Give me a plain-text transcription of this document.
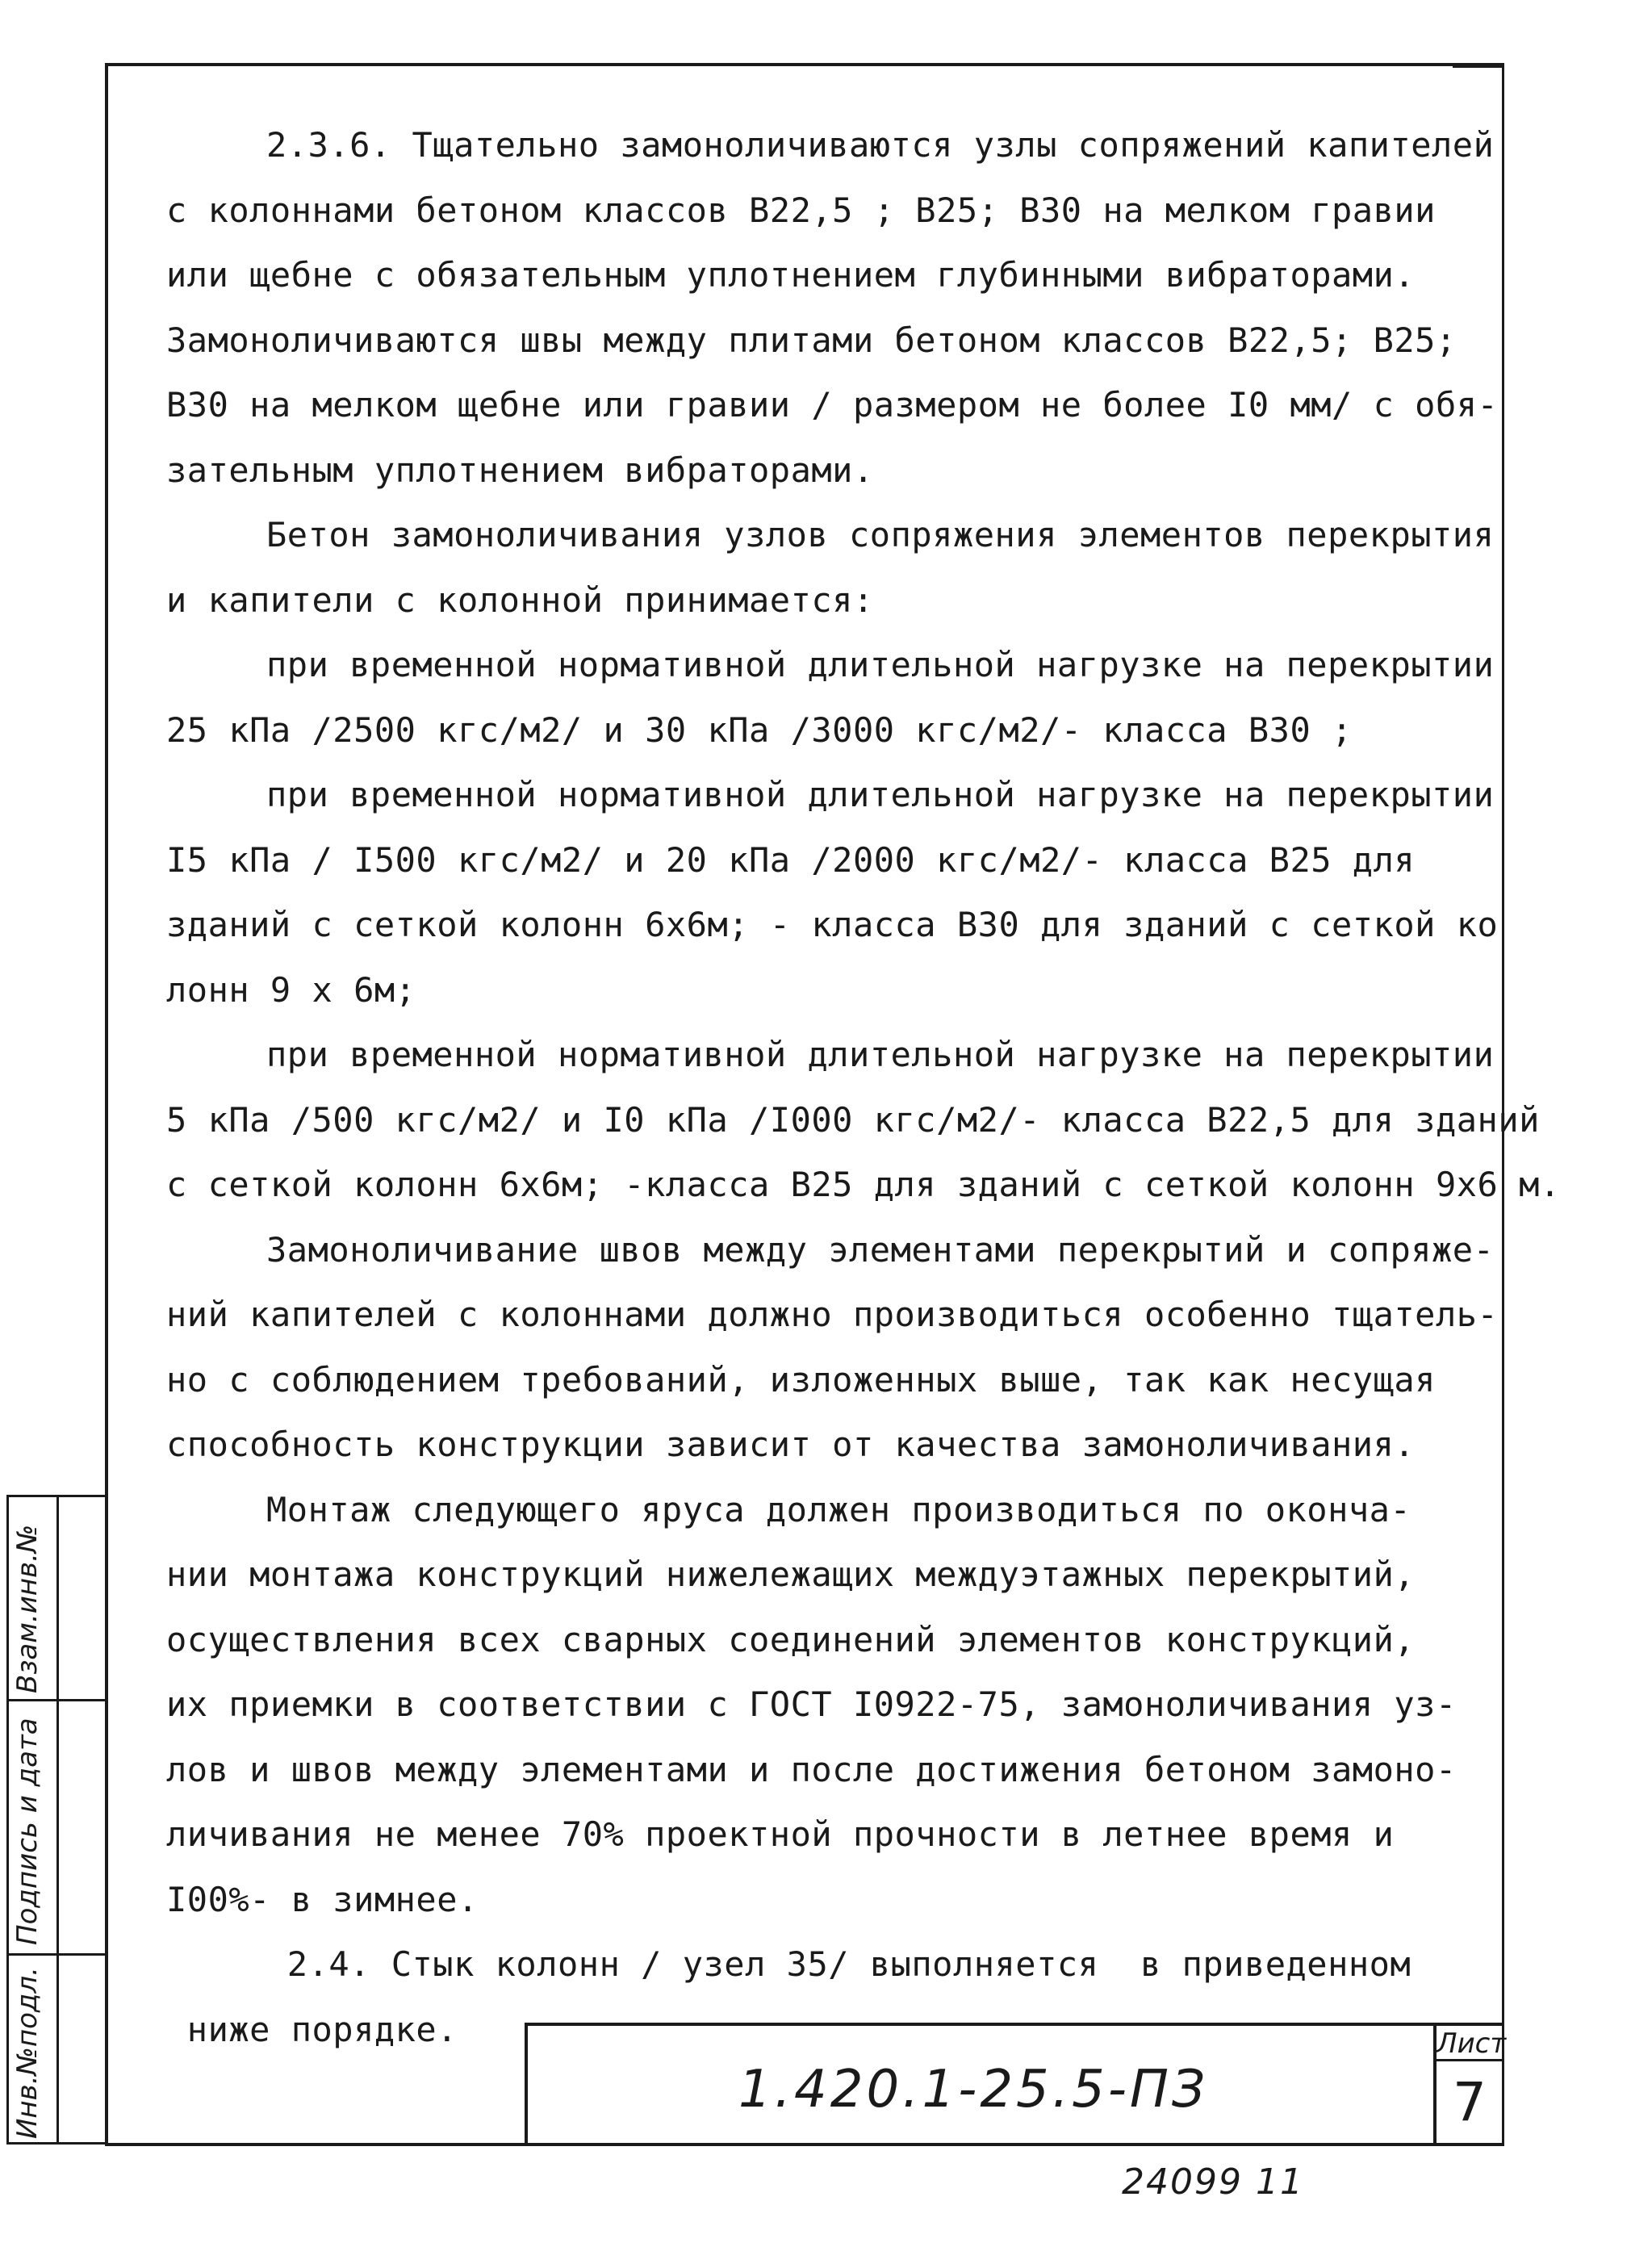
2.3.6. Тщательно замоноличиваются узлы сопряжений капителей
с колоннами бетоном классов В22,5 ; В25; В30 на мелком гравии
или щебне с обязательным уплотнением глубинными вибраторами.
Замоноличиваются швы между плитами бетоном классов В22,5; В25;
В30 на мелком щебне или гравии / размером не более I0 мм/ с обя-
зательным уплотнением вибраторами.
Бетон замоноличивания узлов сопряжения элементов перекрытия
и капители с колонной принимается:
при временной нормативной длительной нагрузке на перекрытии
25 кПа /2500 кгс/м2/ и 30 кПа /3000 кгс/м2/- класса В30 ;
при временной нормативной длительной нагрузке на перекрытии
I5 кПа / I500 кгс/м2/ и 20 кПа /2000 кгс/м2/- класса В25 для
зданий с сеткой колонн 6х6м; - класса В30 для зданий с сеткой ко
лонн 9 х 6м;
при временной нормативной длительной нагрузке на перекрытии
5 кПа /500 кгс/м2/ и I0 кПа /I000 кгс/м2/- класса В22,5 для зданий
с сеткой колонн 6х6м; -класса В25 для зданий с сеткой колонн 9х6 м.
Замоноличивание швов между элементами перекрытий и сопряже-
ний капителей с колоннами должно производиться особенно тщатель-
но с соблюдением требований, изложенных выше, так как несущая
способность конструкции зависит от качества замоноличивания.
Монтаж следующего яруса должен производиться по оконча-
нии монтажа конструкций нижележащих междуэтажных перекрытий,
осуществления всех сварных соединений элементов конструкций,
их приемки в соответствии с ГОСТ I0922-75, замоноличивания уз-
лов и швов между элементами и после достижения бетоном замоно-
личивания не менее 70% проектной прочности в летнее время и
I00%- в зимнее.
2.4. Стык колонн / узел 35/ выполняется  в приведенном
ниже порядке.
1.420.1-25.5-ПЗ
Лист
7
24099 11
Инв.№подл.
Подпись и дата
Взам.инв.№
